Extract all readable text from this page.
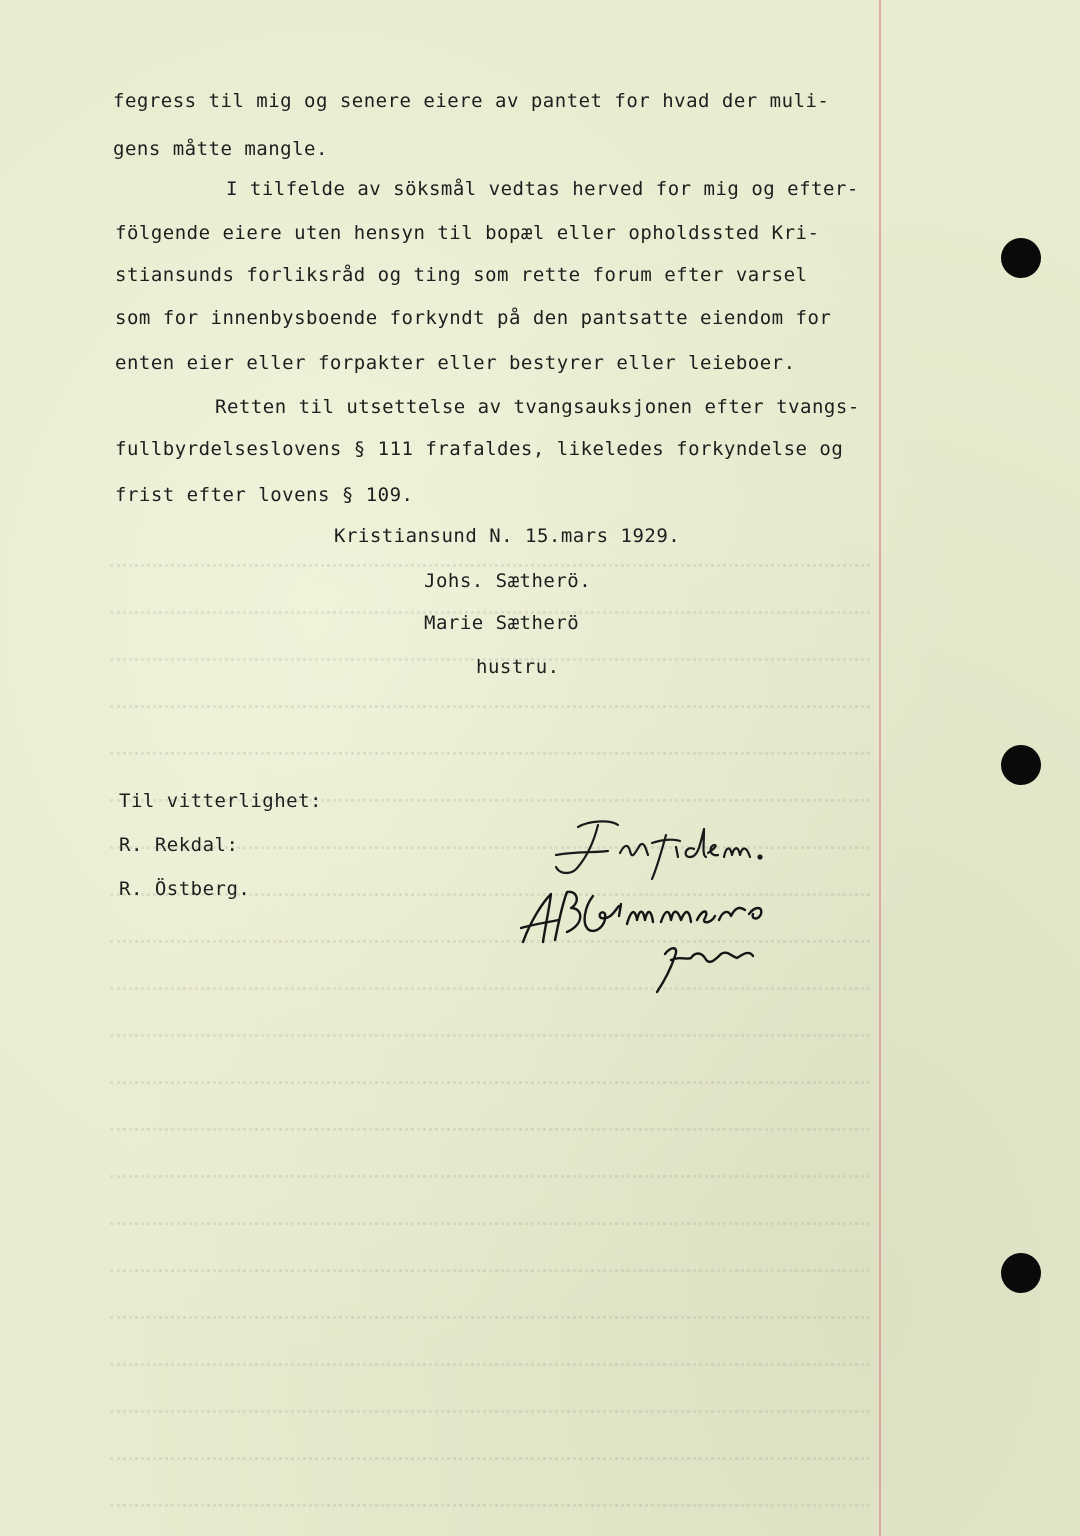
fegress til mig og senere eiere av pantet for hvad der muli-
gens måtte mangle.
I tilfelde av söksmål vedtas herved for mig og efter-
fölgende eiere uten hensyn til bopæl eller opholdssted Kri-
stiansunds forliksråd og ting som rette forum efter varsel
som for innenbysboende forkyndt på den pantsatte eiendom for
enten eier eller forpakter eller bestyrer eller leieboer.
Retten til utsettelse av tvangsauksjonen efter tvangs-
fullbyrdelseslovens § 111 frafaldes, likeledes forkyndelse og
frist efter lovens § 109.
Kristiansund N. 15.mars 1929.
Johs. Sætherö.
Marie Sætherö
hustru.
Til vitterlighet:
R. Rekdal:
R. Östberg.
